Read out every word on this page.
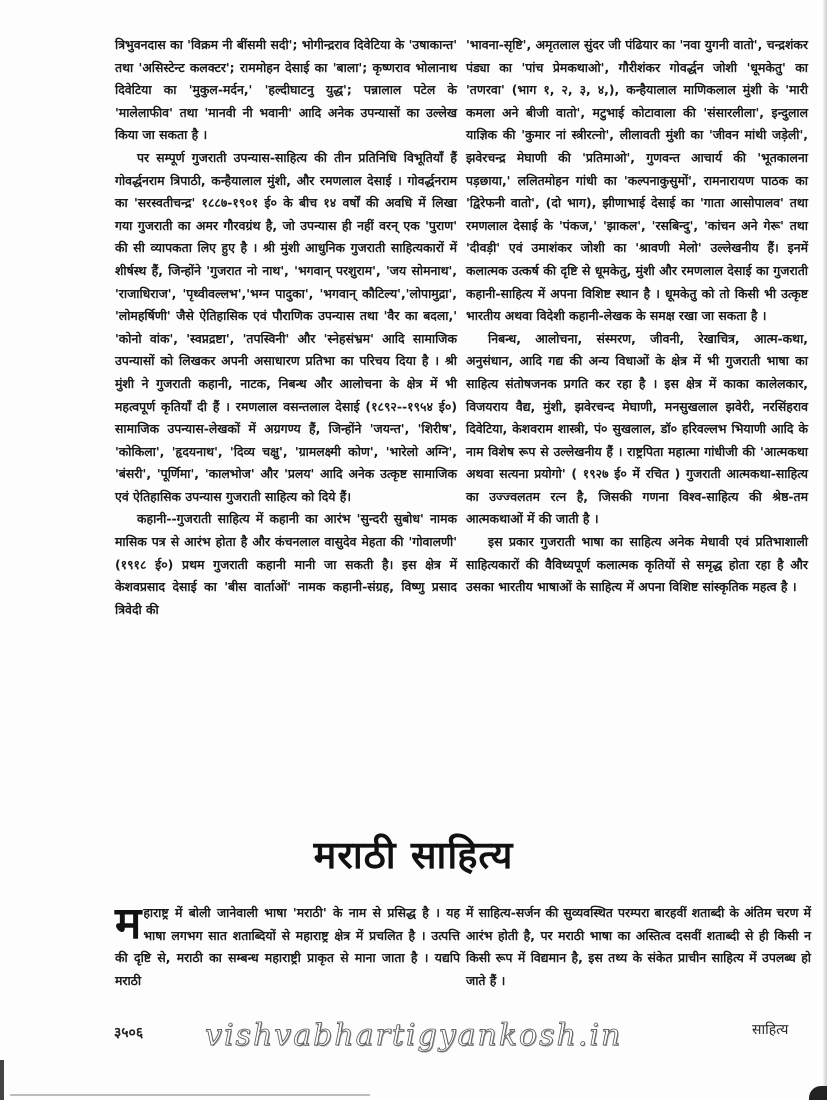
त्रिभुवनदास का 'विक्रम नी बींसमी सदी'; भोगीन्द्रराव दिवेटिया के 'उषाकान्त' तथा 'असिस्टेन्ट कलक्टर'; राममोहन देसाई का 'बाला'; कृष्णराव भोलानाथ दिवेटिया का 'मुकुल-मर्दन,' 'हल्दीघाटनु युद्ध'; पन्नालाल पटेल के 'मालेलाफीव' तथा 'मानवी नी भवानी' आदि अनेक उपन्यासों का उल्लेख किया जा सकता है ।

पर सम्पूर्ण गुजराती उपन्यास-साहित्य की तीन प्रतिनिधि विभूतियाँ हैं गोवर्द्धनराम त्रिपाठी, कन्हैयालाल मुंशी, और रमणलाल देसाई । गोवर्द्धनराम का 'सरस्वतीचन्द्र' १८८७-१९०१ ई० के बीच १४ वर्षों की अवधि में लिखा गया गुजराती का अमर गौरवग्रंथ है, जो उपन्यास ही नहीं वरन् एक 'पुराण' की सी व्यापकता लिए हुए है । श्री मुंशी आधुनिक गुजराती साहित्यकारों में शीर्षस्थ हैं, जिन्होंने 'गुजरात नो नाथ', 'भगवान् परशुराम', 'जय सोमनाथ', 'राजाधिराज', 'पृथ्वीवल्लभ','भग्न पादुका', 'भगवान् कौटिल्य','लोपामुद्रा', 'लोमहर्षिणी' जैसे ऐतिहासिक एवं पौराणिक उपन्यास तथा 'वैर का बदला,' 'कोनो वांक', 'स्वप्नद्रष्टा', 'तपस्विनी' और 'स्नेहसंभ्रम' आदि सामाजिक उपन्यासों को लिखकर अपनी असाधारण प्रतिभा का परिचय दिया है । श्री मुंशी ने गुजराती कहानी, नाटक, निबन्ध और आलोचना के क्षेत्र में भी महत्वपूर्ण कृतियाँ दी हैं । रमणलाल वसन्तलाल देसाई (१८९२--१९५४ ई०) सामाजिक उपन्यास-लेखकों में अग्रगण्य हैं, जिन्होंने 'जयन्त', 'शिरीष', 'कोकिला', 'हृदयनाथ', 'दिव्य चक्षु', 'ग्रामलक्ष्मी कोण', 'भारेलो अग्नि', 'बंसरी', 'पूर्णिमा', 'कालभोज' और 'प्रलय' आदि अनेक उत्कृष्ट सामाजिक एवं ऐतिहासिक उपन्यास गुजराती साहित्य को दिये हैं।

कहानी--गुजराती साहित्य में कहानी का आरंभ 'सुन्दरी सुबोध' नामक मासिक पत्र से आरंभ होता है और कंचनलाल वासुदेव मेहता की 'गोवालणी' (१९१८ ई०) प्रथम गुजराती कहानी मानी जा सकती है। इस क्षेत्र में केशवप्रसाद देसाई का 'बीस वार्ताओं' नामक कहानी-संग्रह, विष्णु प्रसाद त्रिवेदी की

'भावना-सृष्टि', अमृतलाल सुंदर जी पंढियार का 'नवा युगनी वातो', चन्द्रशंकर पंड्या का 'पांच प्रेमकथाओ', गौरीशंकर गोवर्द्धन जोशी 'धूमकेतु' का 'तणरवा' (भाग १, २, ३, ४,), कन्हैयालाल माणिकलाल मुंशी के 'मारी कमला अने बीजी वातो', मटुभाई कोटावाला की 'संसारलीला', इन्दुलाल याज्ञिक की 'कुमार नां स्त्रीरत्नो', लीलावती मुंशी का 'जीवन मांथी जड़ेली', झवेरचन्द्र मेघाणी की 'प्रतिमाओ', गुणवन्त आचार्य की 'भूतकालना पड़छाया,' ललितमोहन गांधी का 'कल्पनाकुसुमों', रामनारायण पाठक का 'द्विरेफनी वातो', (दो भाग), झीणाभाई देसाई का 'गाता आसोपालव' तथा रमणलाल देसाई के 'पंकज,' 'झाकल', 'रसबिन्दु', 'कांचन अने गेरू' तथा 'दीवड़ी' एवं उमाशंकर जोशी का 'श्रावणी मेलो' उल्लेखनीय हैं। इनमें कलात्मक उत्कर्ष की दृष्टि से धूमकेतु, मुंशी और रमणलाल देसाई का गुजराती कहानी-साहित्य में अपना विशिष्ट स्थान है । धूमकेतु को तो किसी भी उत्कृष्ट भारतीय अथवा विदेशी कहानी-लेखक के समक्ष रखा जा सकता है ।

निबन्ध, आलोचना, संस्मरण, जीवनी, रेखाचित्र, आत्म-कथा, अनुसंधान, आदि गद्य की अन्य विधाओं के क्षेत्र में भी गुजराती भाषा का साहित्य संतोषजनक प्रगति कर रहा है । इस क्षेत्र में काका कालेलकार, विजयराय वैद्य, मुंशी, झवेरचन्द मेघाणी, मनसुखलाल झवेरी, नरसिंहराव दिवेटिया, केशवराम शास्त्री, पं० सुखलाल, डॉ० हरिवल्लभ भियाणी आदि के नाम विशेष रूप से उल्लेखनीय हैं । राष्ट्रपिता महात्मा गांधीजी की 'आत्मकथा अथवा सत्यना प्रयोगो' ( १९२७ ई० में रचित ) गुजराती आत्मकथा-साहित्य का उज्ज्वलतम रत्न है, जिसकी गणना विश्व-साहित्य की श्रेष्ठ-तम आत्मकथाओं में की जाती है ।

इस प्रकार गुजराती भाषा का साहित्य अनेक मेधावी एवं प्रतिभाशाली साहित्यकारों की वैविध्यपूर्ण कलात्मक कृतियों से समृद्ध होता रहा है और उसका भारतीय भाषाओं के साहित्य में अपना विशिष्ट सांस्कृतिक महत्व है ।

मराठी साहित्य
महाराष्ट्र में बोली जानेवाली भाषा 'मराठी' के नाम से प्रसिद्ध है । यह भाषा लगभग सात शताब्दियों से महाराष्ट्र क्षेत्र में प्रचलित है । उत्पत्ति की दृष्टि से, मराठी का सम्बन्ध महाराष्ट्री प्राकृत से माना जाता है । यद्यपि मराठी
में साहित्य-सर्जन की सुव्यवस्थित परम्परा बारहवीं शताब्दी के अंतिम चरण में आरंभ होती है, पर मराठी भाषा का अस्तित्व दसवीं शताब्दी से ही किसी न किसी रूप में विद्यमान है, इस तथ्य के संकेत प्राचीन साहित्य में उपलब्ध हो जाते हैं ।
३५०६ vishvabhartigyankosh.in	साहित्य
